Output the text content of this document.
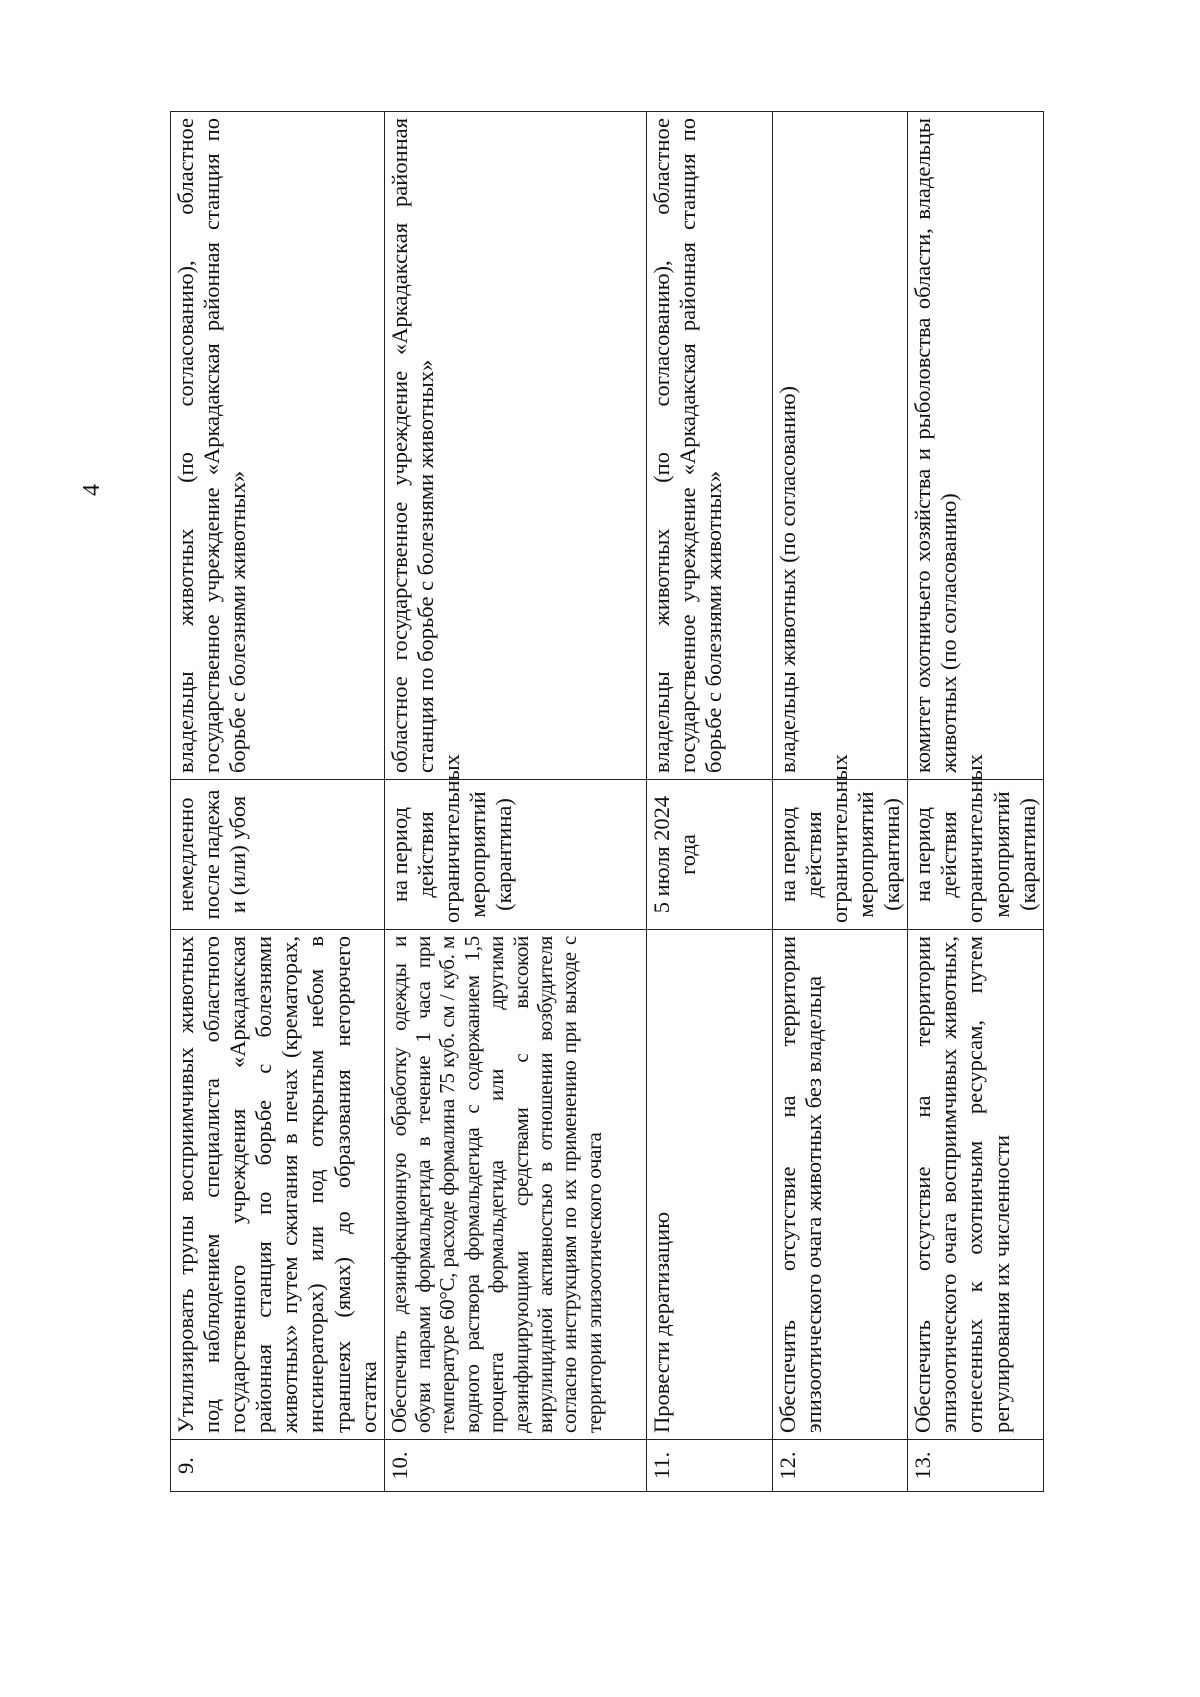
4
9.	Утилизировать трупы восприимчивых животных под наблюдением специалиста областного государственного учреждения «Аркадакская районная станция по борьбе с болезнями животных» путем сжигания в печах (крематорах, инсинераторах) или под открытым небом в траншеях (ямах) до образования негорючего остатка	немедленно после падежа и (или) убоя	владельцы животных (по согласованию), областное государственное учреждение «Аркадакская районная станция по борьбе с болезнями животных»
10.	Обеспечить дезинфекционную обработку одежды и обуви парами формальдегида в течение 1 часа при температуре 60°С, расходе формалина 75 куб. см / куб. м водного раствора формальдегида с содержанием 1,5 процента формальдегида или другими дезинфицирующими средствами с высокой вирулицидной активностью в отношении возбудителя согласно инструкциям по их применению при выходе с территории эпизоотического очага	на период действия ограничительных мероприятий (карантина)	областное государственное учреждение «Аркадакская районная станция по борьбе с болезнями животных»
11.	Провести дератизацию	5 июля 2024 года	владельцы животных (по согласованию), областное государственное учреждение «Аркадакская районная станция по борьбе с болезнями животных»
12.	Обеспечить отсутствие на территории эпизоотического очага животных без владельца	на период действия ограничительных мероприятий (карантина)	владельцы животных (по согласованию)
13.	Обеспечить отсутствие на территории эпизоотического очага восприимчивых животных, отнесенных к охотничьим ресурсам, путем регулирования их численности	на период действия ограничительных мероприятий (карантина)	комитет охотничьего хозяйства и рыболовства области, владельцы животных (по согласованию)
